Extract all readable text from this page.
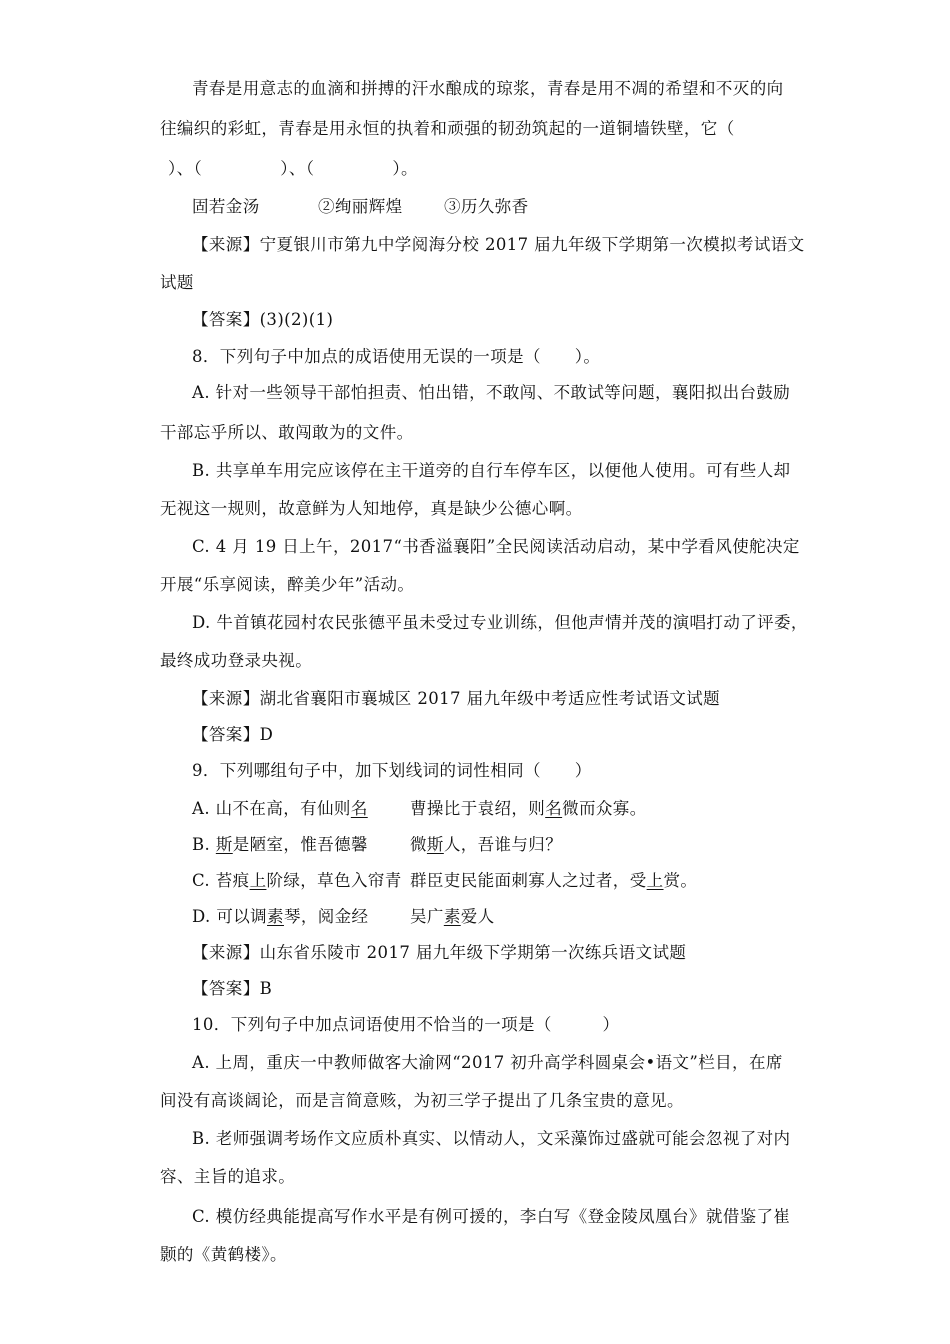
青春是用意志的血滴和拼搏的汗水酿成的琼浆，青春是用不凋的希望和不灭的向
往编织的彩虹，青春是用永恒的执着和顽强的韧劲筑起的一道铜墙铁壁，它（
）、（	）、（	）。
固若金汤	②绚丽辉煌	③历久弥香
【来源】宁夏银川市第九中学阅海分校 2017 届九年级下学期第一次模拟考试语文
试题
【答案】(3)(2)(1)
8．下列句子中加点的成语使用无误的一项是（　　）。
A. 针对一些领导干部怕担责、怕出错，不敢闯、不敢试等问题，襄阳拟出台鼓励
干部忘乎所以、敢闯敢为的文件。
B. 共享单车用完应该停在主干道旁的自行车停车区，以便他人使用。可有些人却
无视这一规则，故意鲜为人知地停，真是缺少公德心啊。
C. 4 月 19 日上午，2017“书香溢襄阳”全民阅读活动启动，某中学看风使舵决定
开展“乐享阅读，醉美少年”活动。
D. 牛首镇花园村农民张德平虽未受过专业训练，但他声情并茂的演唱打动了评委，
最终成功登录央视。
【来源】湖北省襄阳市襄城区 2017 届九年级中考适应性考试语文试题
【答案】D
9．下列哪组句子中，加下划线词的词性相同（　　）
A. 山不在高，有仙则名	曹操比于袁绍，则名微而众寡。
B. 斯是陋室，惟吾德馨	微斯人，吾谁与归？
C. 苔痕上阶绿，草色入帘青 群臣吏民能面刺寡人之过者，受上赏。
D. 可以调素琴，阅金经	吴广素爱人
【来源】山东省乐陵市 2017 届九年级下学期第一次练兵语文试题
【答案】B
10．下列句子中加点词语使用不恰当的一项是（　　　）
A. 上周，重庆一中教师做客大渝网“2017 初升高学科圆桌会•语文”栏目，在席
间没有高谈阔论，而是言简意赅，为初三学子提出了几条宝贵的意见。
B. 老师强调考场作文应质朴真实、以情动人，文采藻饰过盛就可能会忽视了对内
容、主旨的追求。
C. 模仿经典能提高写作水平是有例可援的，李白写《登金陵凤凰台》就借鉴了崔
颢的《黄鹤楼》。
